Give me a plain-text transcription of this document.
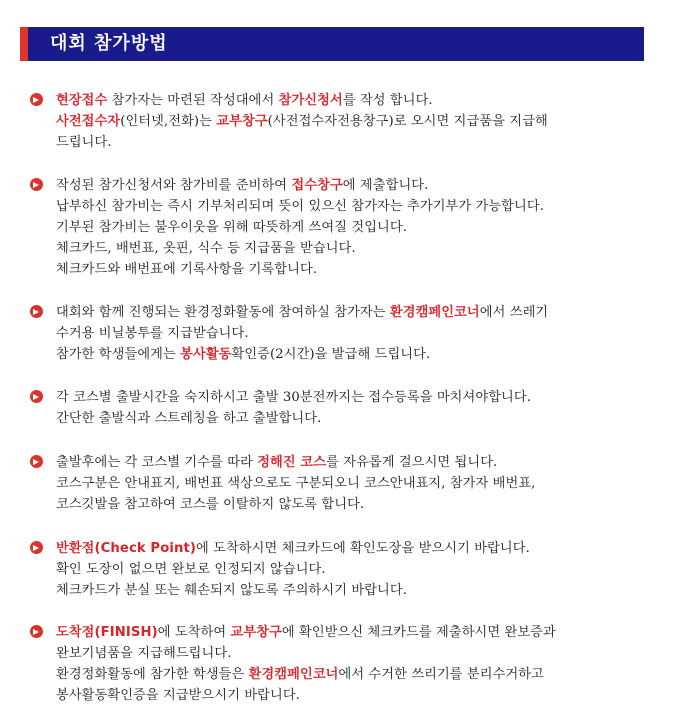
대회 참가방법
현장접수 참가자는 마련된 작성대에서 참가신청서를 작성 합니다.
사전접수자(인터넷,전화)는 교부창구(사전접수자전용창구)로 오시면 지급품을 지급해
드립니다.
작성된 참가신청서와 참가비를 준비하여 접수창구에 제출합니다.
납부하신 참가비는 즉시 기부처리되며 뜻이 있으신 참가자는 추가기부가 가능합니다.
기부된 참가비는 불우이웃을 위해 따뜻하게 쓰여질 것입니다.
체크카드, 배번표, 옷핀, 식수 등 지급품을 받습니다.
체크카드와 배번표에 기록사항을 기록합니다.
대회와 함께 진행되는 환경정화활동에 참여하실 참가자는 환경캠페인코너에서 쓰레기
수거용 비닐봉투를 지급받습니다.
참가한 학생들에게는 봉사활동확인증(2시간)을 발급해 드립니다.
각 코스별 출발시간을 숙지하시고 출발 30분전까지는 접수등록을 마치셔야합니다.
간단한 출발식과 스트레칭을 하고 출발합니다.
출발후에는 각 코스별 기수를 따라 정해진 코스를 자유롭게 걸으시면 됩니다.
코스구분은 안내표지, 배번표 색상으로도 구분되오니 코스안내표지, 참가자 배번표,
코스깃발을 참고하여 코스를 이탈하지 않도록 합니다.
반환점(Check Point)에 도착하시면 체크카드에 확인도장을 받으시기 바랍니다.
확인 도장이 없으면 완보로 인정되지 않습니다.
체크카드가 분실 또는 훼손되지 않도록 주의하시기 바랍니다.
도착점(FINISH)에 도착하여 교부창구에 확인받으신 체크카드를 제출하시면 완보증과
완보기념품을 지급해드립니다.
환경정화활동에 참가한 학생들은 환경캠페인코너에서 수거한 쓰리기를 분리수거하고
봉사활동확인증을 지급받으시기 바랍니다.
